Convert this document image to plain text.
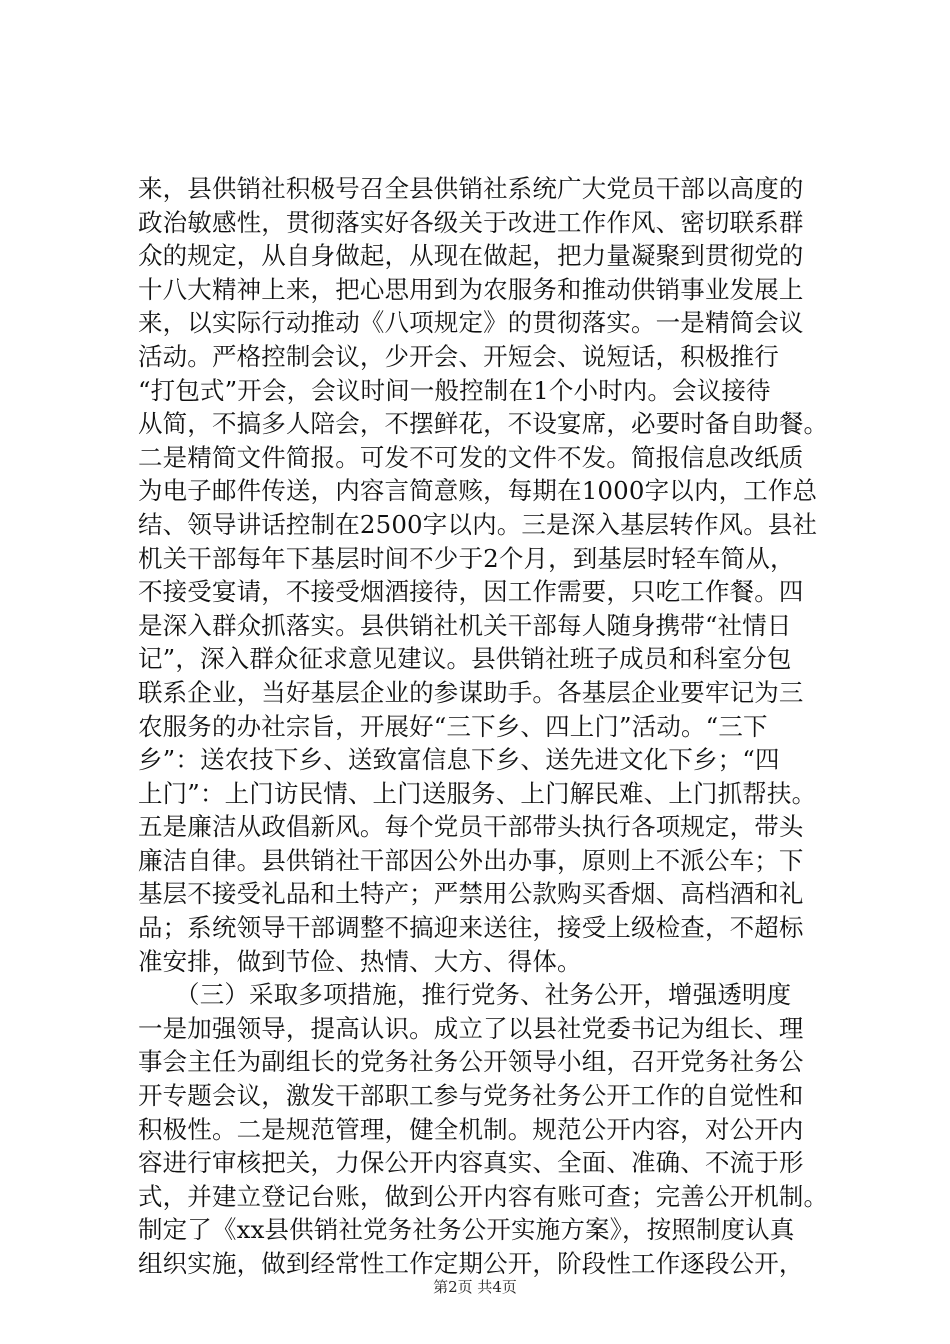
来，县供销社积极号召全县供销社系统广大党员干部以高度的
政治敏感性，贯彻落实好各级关于改进工作作风、密切联系群
众的规定，从自身做起，从现在做起，把力量凝聚到贯彻党的
十八大精神上来，把心思用到为农服务和推动供销事业发展上
来，以实际行动推动《八项规定》的贯彻落实。一是精简会议
活动。严格控制会议，少开会、开短会、说短话，积极推行
“打包式”开会，会议时间一般控制在1个小时内。会议接待
从简，不搞多人陪会，不摆鲜花，不设宴席，必要时备自助餐。
二是精简文件简报。可发不可发的文件不发。简报信息改纸质
为电子邮件传送，内容言简意赅，每期在1000字以内，工作总
结、领导讲话控制在2500字以内。三是深入基层转作风。县社
机关干部每年下基层时间不少于2个月，到基层时轻车简从，
不接受宴请，不接受烟酒接待，因工作需要，只吃工作餐。四
是深入群众抓落实。县供销社机关干部每人随身携带“社情日
记”，深入群众征求意见建议。县供销社班子成员和科室分包
联系企业，当好基层企业的参谋助手。各基层企业要牢记为三
农服务的办社宗旨，开展好“三下乡、四上门”活动。“三下
乡”：送农技下乡、送致富信息下乡、送先进文化下乡；“四
上门”：上门访民情、上门送服务、上门解民难、上门抓帮扶。
五是廉洁从政倡新风。每个党员干部带头执行各项规定，带头
廉洁自律。县供销社干部因公外出办事，原则上不派公车；下
基层不接受礼品和土特产；严禁用公款购买香烟、高档酒和礼
品；系统领导干部调整不搞迎来送往，接受上级检查，不超标
准安排，做到节俭、热情、大方、得体。
　　（三）采取多项措施，推行党务、社务公开，增强透明度
一是加强领导，提高认识。成立了以县社党委书记为组长、理
事会主任为副组长的党务社务公开领导小组，召开党务社务公
开专题会议，激发干部职工参与党务社务公开工作的自觉性和
积极性。二是规范管理，健全机制。规范公开内容，对公开内
容进行审核把关，力保公开内容真实、全面、准确、不流于形
式，并建立登记台账，做到公开内容有账可查；完善公开机制。
制定了《xx县供销社党务社务公开实施方案》，按照制度认真
组织实施，做到经常性工作定期公开，阶段性工作逐段公开，
第2页 共4页
